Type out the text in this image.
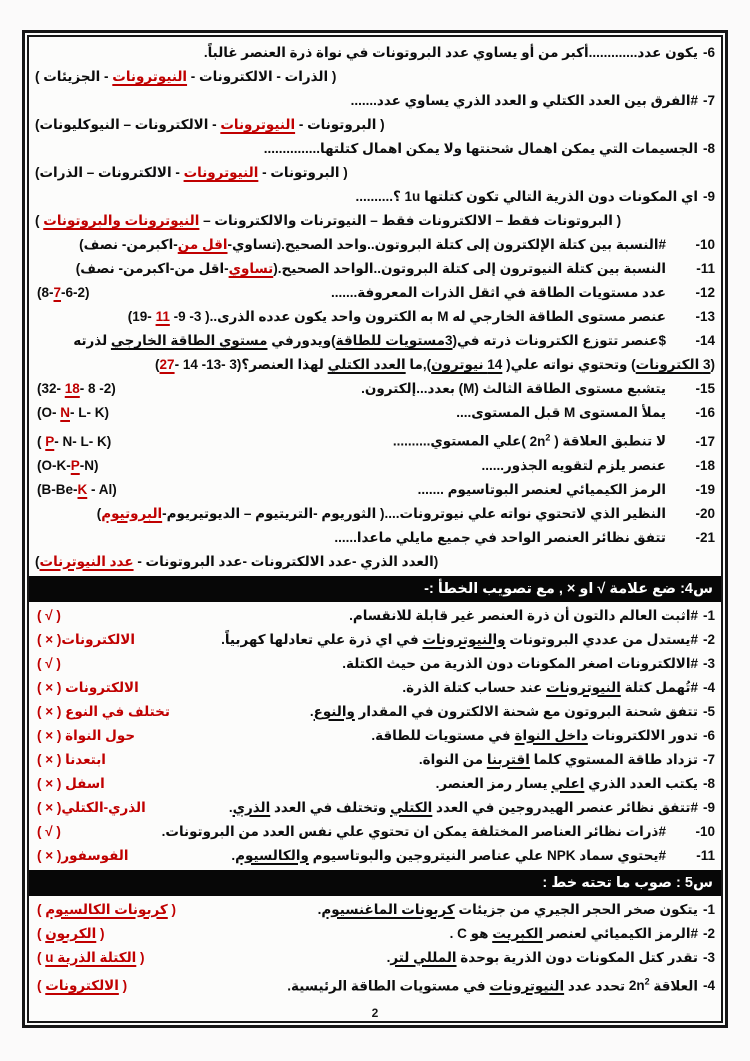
6-يكون عدد.............أكبر من أو يساوي عدد البروتونات في نواة ذرة العنصر غالباً.
( الذرات - الالكترونات - النيوترونات - الجزيئات )
7-#الفرق بين العدد الكتلي و العدد الذري يساوي عدد.......
( البروتونات - النيوترونات - الالكترونات – النيوكليونات)
8-الجسيمات التي يمكن اهمال شحنتها ولا يمكن اهمال كتلتها...............
( البروتونات - النيوترونات - الالكترونات – الذرات)
9-اي المكونات دون الذرية التالي تكون كتلتها 1u ؟..........
( البروتونات فقط – الالكترونات فقط – النيوترنات والالكترونات – النيوترونات والبروتونات )
10-#النسبة بين كتلة الإلكترون إلى كتلة البروتون..واحد الصحيح.(تساوي-اقل من-اكبرمن- نصف)
11-النسبة بين كتلة النيوترون إلى كتلة البروتون..الواحد الصحيح.(تساوي-اقل من-اكبرمن- نصف)
(8-7-6-2)	12-عدد مستويات الطاقة في اثقل الذرات المعروفة.......
13-عنصر مستوى الطاقة الخارجي له M به الكترون واحد يكون عدده الذرى..(19- 11 -9 -3 )
14-$عنصر تتوزع الكترونات ذرته في(3مستويات للطاقة)ويدورفي مستوي الطاقة الخارجي لذرته
(3 الكترونات) وتحتوي نواته علي( 14 نيوترون),ما العدد الكتلي لهذا العنصر؟(27- 14 -13- 3)
(32- 18- 8 -2)	15-يتشبع مستوى الطاقة الثالث (M) بعدد...إلكترون.
(O- N- L- K)	16-يملأ المستوى M قبل المستوى....
( P- N- L- K)	17-لا تنطبق العلاقة ( $2n^2$ )علي المستوي..........
(O-K-P-N)	18-عنصر يلزم لتقويه الجذور......
(B-Be-K - Al)	19-الرمز الكيميائي لعنصر البوتاسيوم .......
20-النظير الذي لاتحتوي نواته علي نيوترونات....( الثوريوم -التريتيوم – الديوتيريوم-البروتيوم)
21-تتفق نظائر العنصر الواحد في جميع مايلي ماعدا......
(العدد الذري -عدد الالكترونات -عدد البروتونات - عدد النيوترنات)
س4: ضع علامة √ او × , مع تصويب الخطأ :-
( √ )	1-#اثبت العالم دالتون أن ذرة العنصر غير قابلة للانقسام.
الالكترونات( × )	2-#يستدل من عددي البروتونات والنيوترونات في اي ذرة علي تعادلها كهربياً.
( √ )	3-#الالكترونات اصغر المكونات دون الذرية من حيث الكتلة.
الالكترونات ( × )	4-#تُهمل كتلة النيوترونات عند حساب كتلة الذرة.
تختلف في النوع ( × )	5-تتفق شحنة البروتون مع شحنة الالكترون في المقدار والنوع.
حول النواة ( × )	6-تدور الالكترونات داخل النواة في مستويات للطاقة.
ابتعدنا ( × )	7-تزداد طاقة المستوي كلما اقتربنا من النواة.
اسفل ( × )	8-يكتب العدد الذري اعلي يسار رمز العنصر.
الذري-الكتلي( × )	9-#تتفق نظائر عنصر الهيدروجين في العدد الكتلي وتختلف في العدد الذري.
( √ )	10-#ذرات نظائر العناصر المختلفة يمكن ان تحتوي علي نفس العدد من البروتونات.
الفوسفور( × )	11-#يحتوي سماد NPK علي عناصر النيتروجين والبوتاسيوم والكالسيوم.
س5 : صوب ما تحته خط :
( كربونات الكالسيوم )	1-يتكون صخر الحجر الجيري من جزيئات كربونات الماغنسيوم.
( الكربون )	2-#الرمز الكيميائي لعنصر الكبريت هو C .
( الكتلة الذرية u )	3-تقدر كتل المكونات دون الذرية بوحدة المللي لتر.
( الالكترونات )	4-العلاقة $2n^2$ تحدد عدد النيوترونات في مستويات الطاقة الرئيسية.
2
